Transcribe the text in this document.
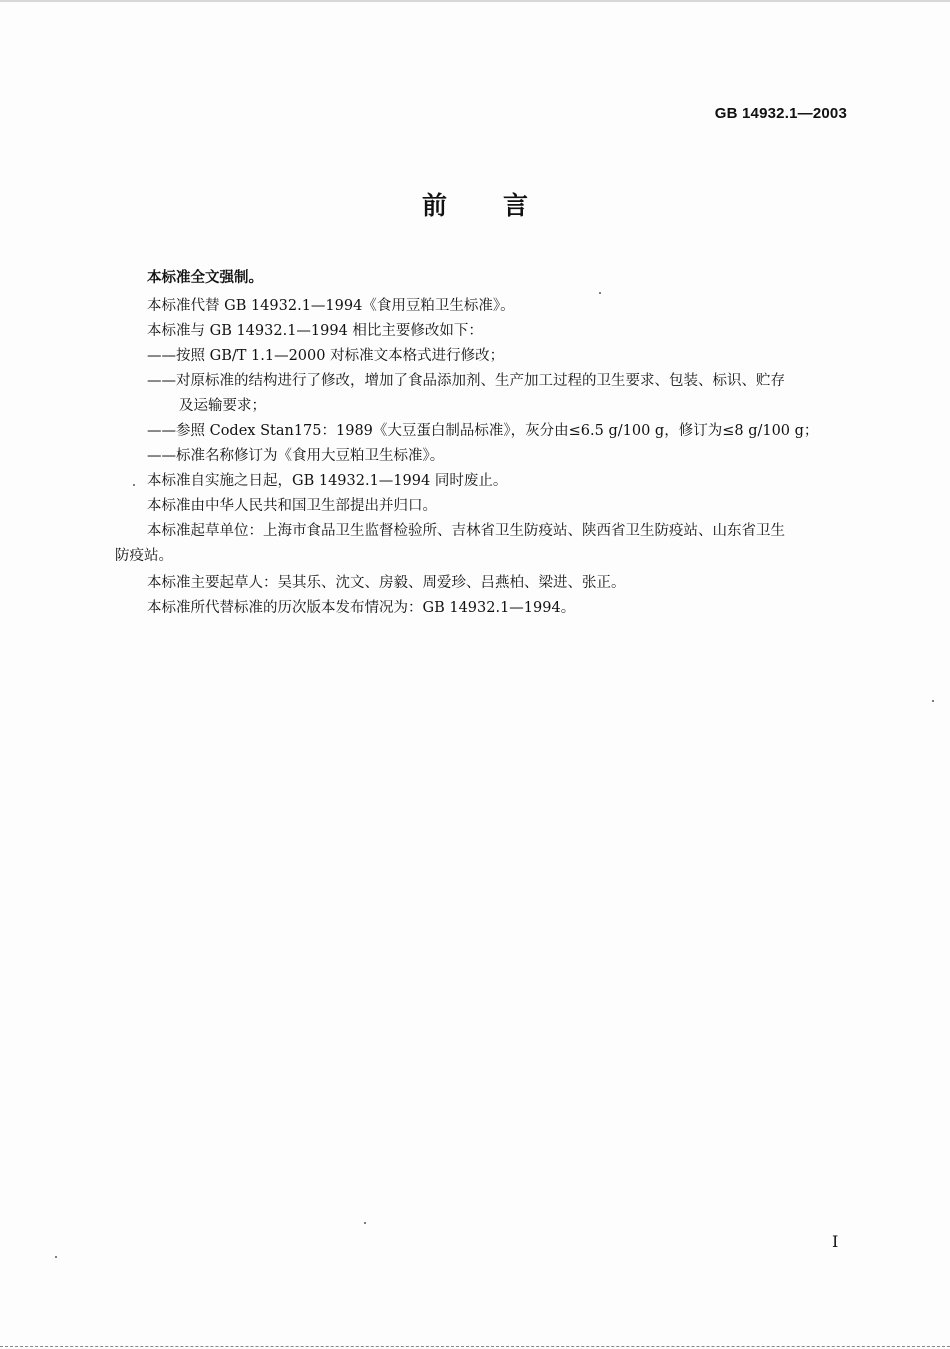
GB 14932.1—2003
前言
本标准全文强制。
本标准代替 GB 14932.1—1994《食用豆粕卫生标准》。
本标准与 GB 14932.1—1994 相比主要修改如下：
——按照 GB/T 1.1—2000 对标准文本格式进行修改；
——对原标准的结构进行了修改，增加了食品添加剂、生产加工过程的卫生要求、包装、标识、贮存
及运输要求；
——参照 Codex Stan175：1989《大豆蛋白制品标准》，灰分由≤6.5 g/100 g，修订为≤8 g/100 g；
——标准名称修订为《食用大豆粕卫生标准》。
本标准自实施之日起，GB 14932.1—1994 同时废止。
本标准由中华人民共和国卫生部提出并归口。
本标准起草单位：上海市食品卫生监督检验所、吉林省卫生防疫站、陕西省卫生防疫站、山东省卫生
防疫站。
本标准主要起草人：吴其乐、沈文、房毅、周爱珍、吕燕柏、梁进、张正。
本标准所代替标准的历次版本发布情况为：GB 14932.1—1994。
I
